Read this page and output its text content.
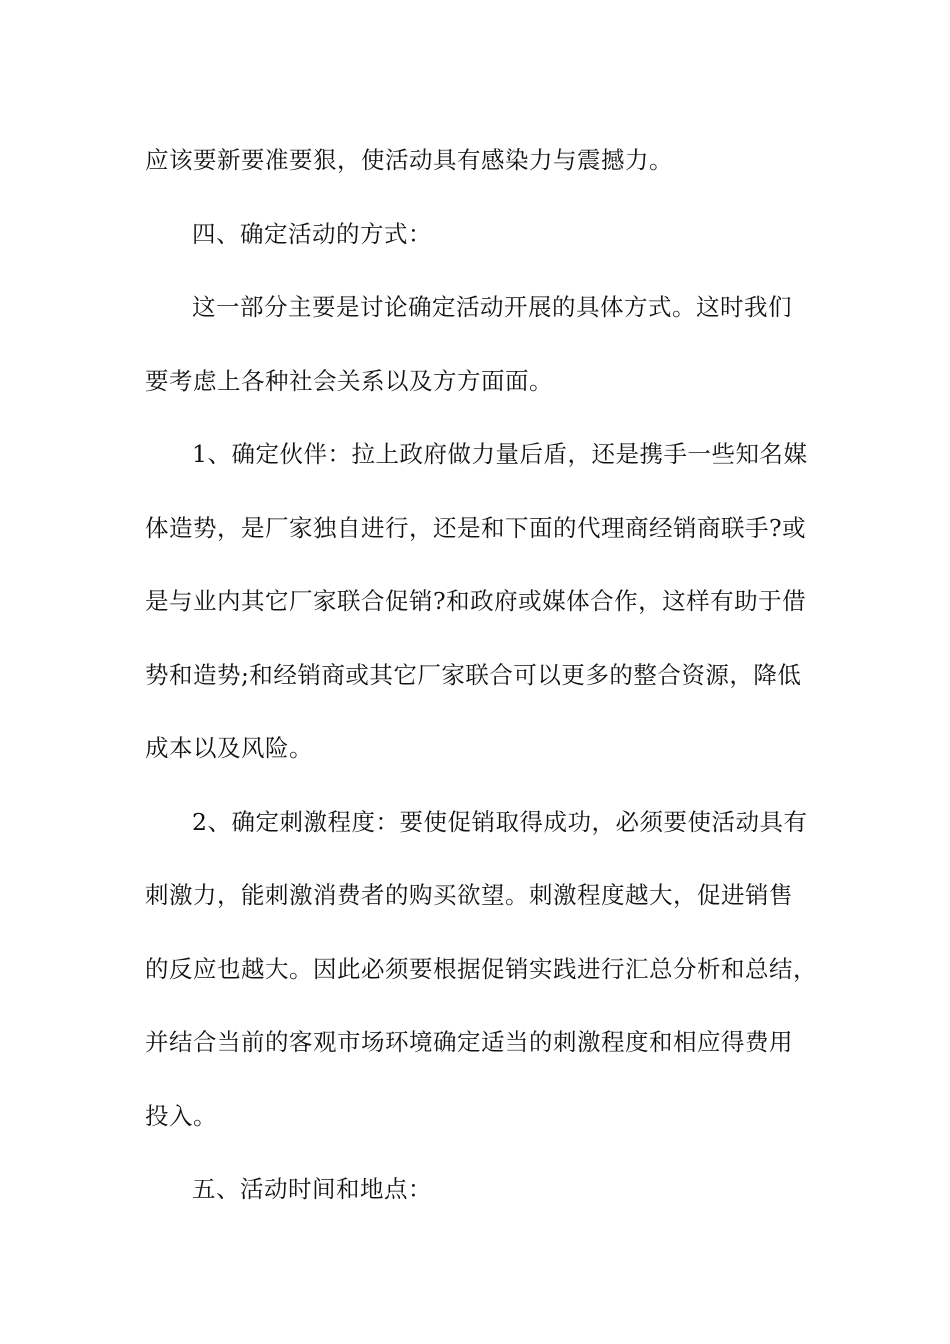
应该要新要准要狠，使活动具有感染力与震撼力。
四、确定活动的方式：
这一部分主要是讨论确定活动开展的具体方式。这时我们
要考虑上各种社会关系以及方方面面。
1、确定伙伴：拉上政府做力量后盾，还是携手一些知名媒
体造势，是厂家独自进行，还是和下面的代理商经销商联手?或
是与业内其它厂家联合促销?和政府或媒体合作，这样有助于借
势和造势;和经销商或其它厂家联合可以更多的整合资源，降低
成本以及风险。
2、确定刺激程度：要使促销取得成功，必须要使活动具有
刺激力，能刺激消费者的购买欲望。刺激程度越大，促进销售
的反应也越大。因此必须要根据促销实践进行汇总分析和总结，
并结合当前的客观市场环境确定适当的刺激程度和相应得费用
投入。
五、活动时间和地点：
